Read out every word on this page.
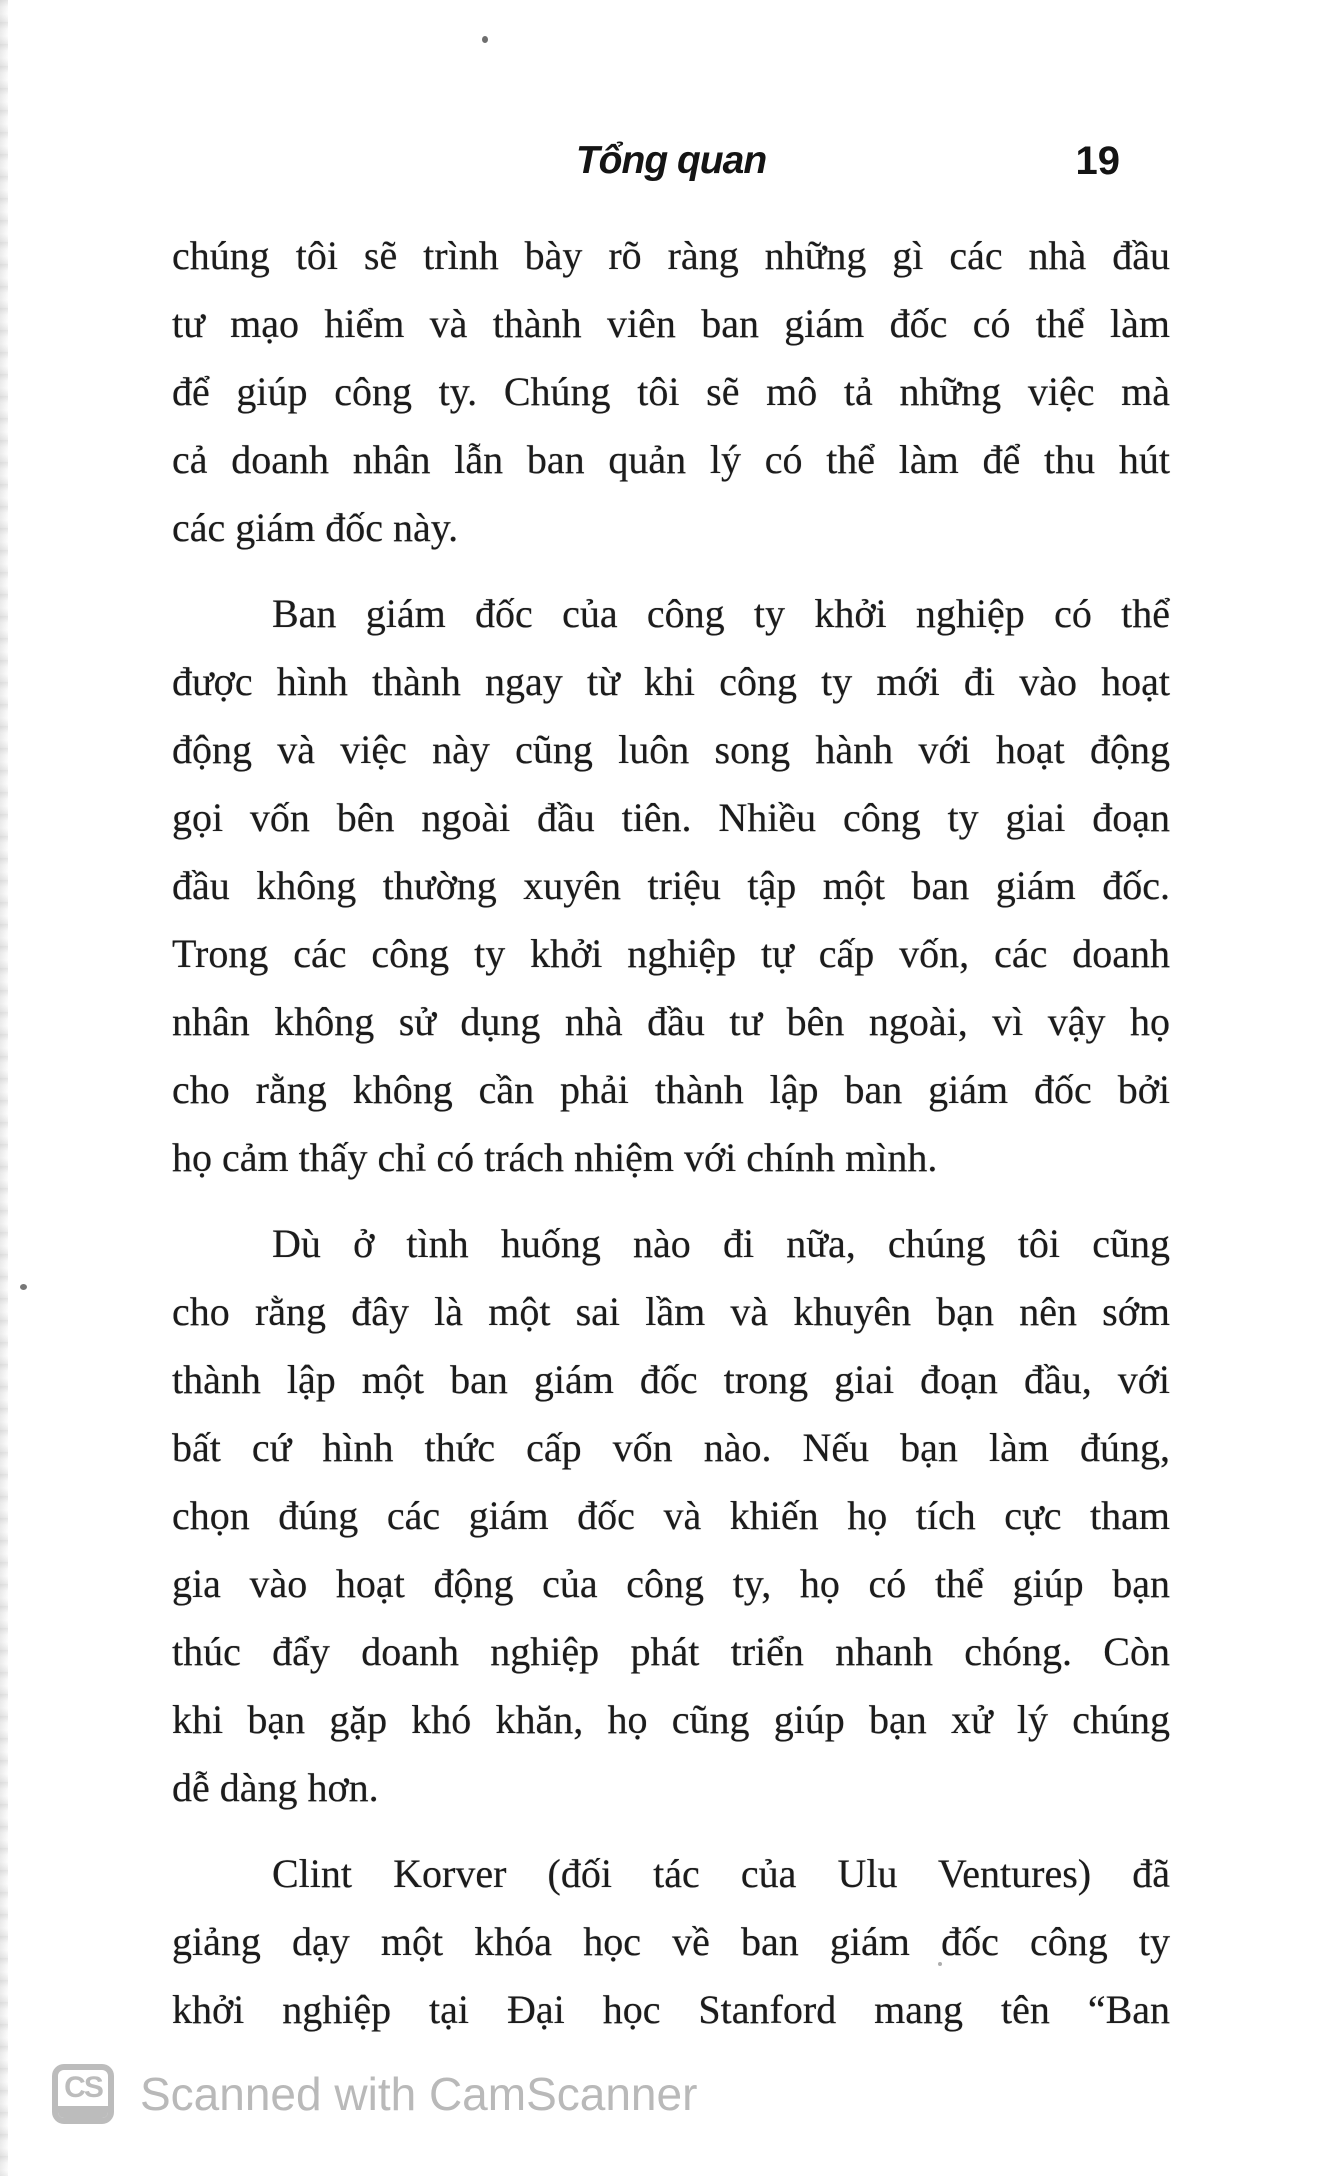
Tổng quan	19
chúng tôi sẽ trình bày rõ ràng những gì các nhà đầu
tư mạo hiểm và thành viên ban giám đốc có thể làm
để giúp công ty. Chúng tôi sẽ mô tả những việc mà
cả doanh nhân lẫn ban quản lý có thể làm để thu hút
các giám đốc này.
Ban giám đốc của công ty khởi nghiệp có thể
được hình thành ngay từ khi công ty mới đi vào hoạt
động và việc này cũng luôn song hành với hoạt động
gọi vốn bên ngoài đầu tiên. Nhiều công ty giai đoạn
đầu không thường xuyên triệu tập một ban giám đốc.
Trong các công ty khởi nghiệp tự cấp vốn, các doanh
nhân không sử dụng nhà đầu tư bên ngoài, vì vậy họ
cho rằng không cần phải thành lập ban giám đốc bởi
họ cảm thấy chỉ có trách nhiệm với chính mình.
Dù ở tình huống nào đi nữa, chúng tôi cũng
cho rằng đây là một sai lầm và khuyên bạn nên sớm
thành lập một ban giám đốc trong giai đoạn đầu, với
bất cứ hình thức cấp vốn nào. Nếu bạn làm đúng,
chọn đúng các giám đốc và khiến họ tích cực tham
gia vào hoạt động của công ty, họ có thể giúp bạn
thúc đẩy doanh nghiệp phát triển nhanh chóng. Còn
khi bạn gặp khó khăn, họ cũng giúp bạn xử lý chúng
dễ dàng hơn.
Clint Korver (đối tác của Ulu Ventures) đã
giảng dạy một khóa học về ban giám đốc công ty
khởi nghiệp tại Đại học Stanford mang tên “Ban
CS Scanned with CamScanner
